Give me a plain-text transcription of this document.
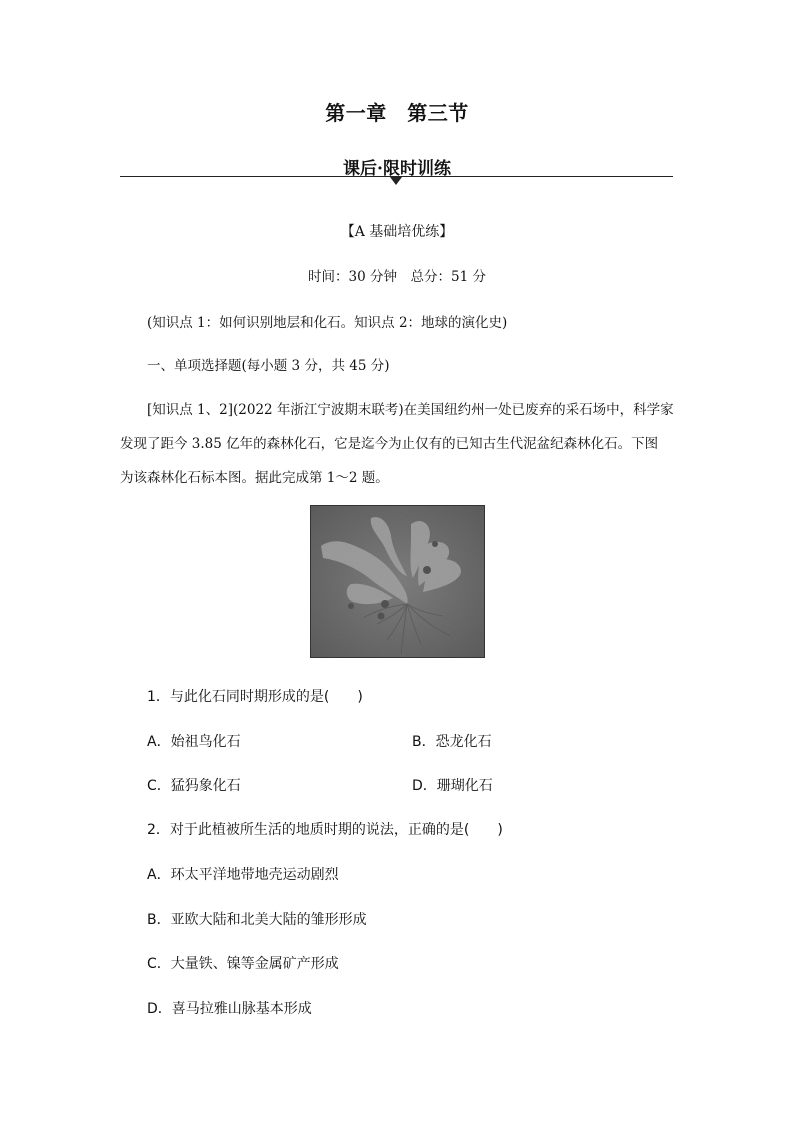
第一章　第三节
课后·限时训练
【A 基础培优练】
时间：30 分钟　总分：51 分
(知识点 1：如何识别地层和化石。知识点 2：地球的演化史)
一、单项选择题(每小题 3 分，共 45 分)
[知识点 1、2](2022 年浙江宁波期末联考)在美国纽约州一处已废弃的采石场中，科学家
发现了距今 3.85 亿年的森林化石，它是迄今为止仅有的已知古生代泥盆纪森林化石。下图
为该森林化石标本图。据此完成第 1～2 题。
1．与此化石同时期形成的是(　　)
A．始祖鸟化石	B．恐龙化石
C．猛犸象化石	D．珊瑚化石
2．对于此植被所生活的地质时期的说法，正确的是(　　)
A．环太平洋地带地壳运动剧烈
B．亚欧大陆和北美大陆的雏形形成
C．大量铁、镍等金属矿产形成
D．喜马拉雅山脉基本形成
